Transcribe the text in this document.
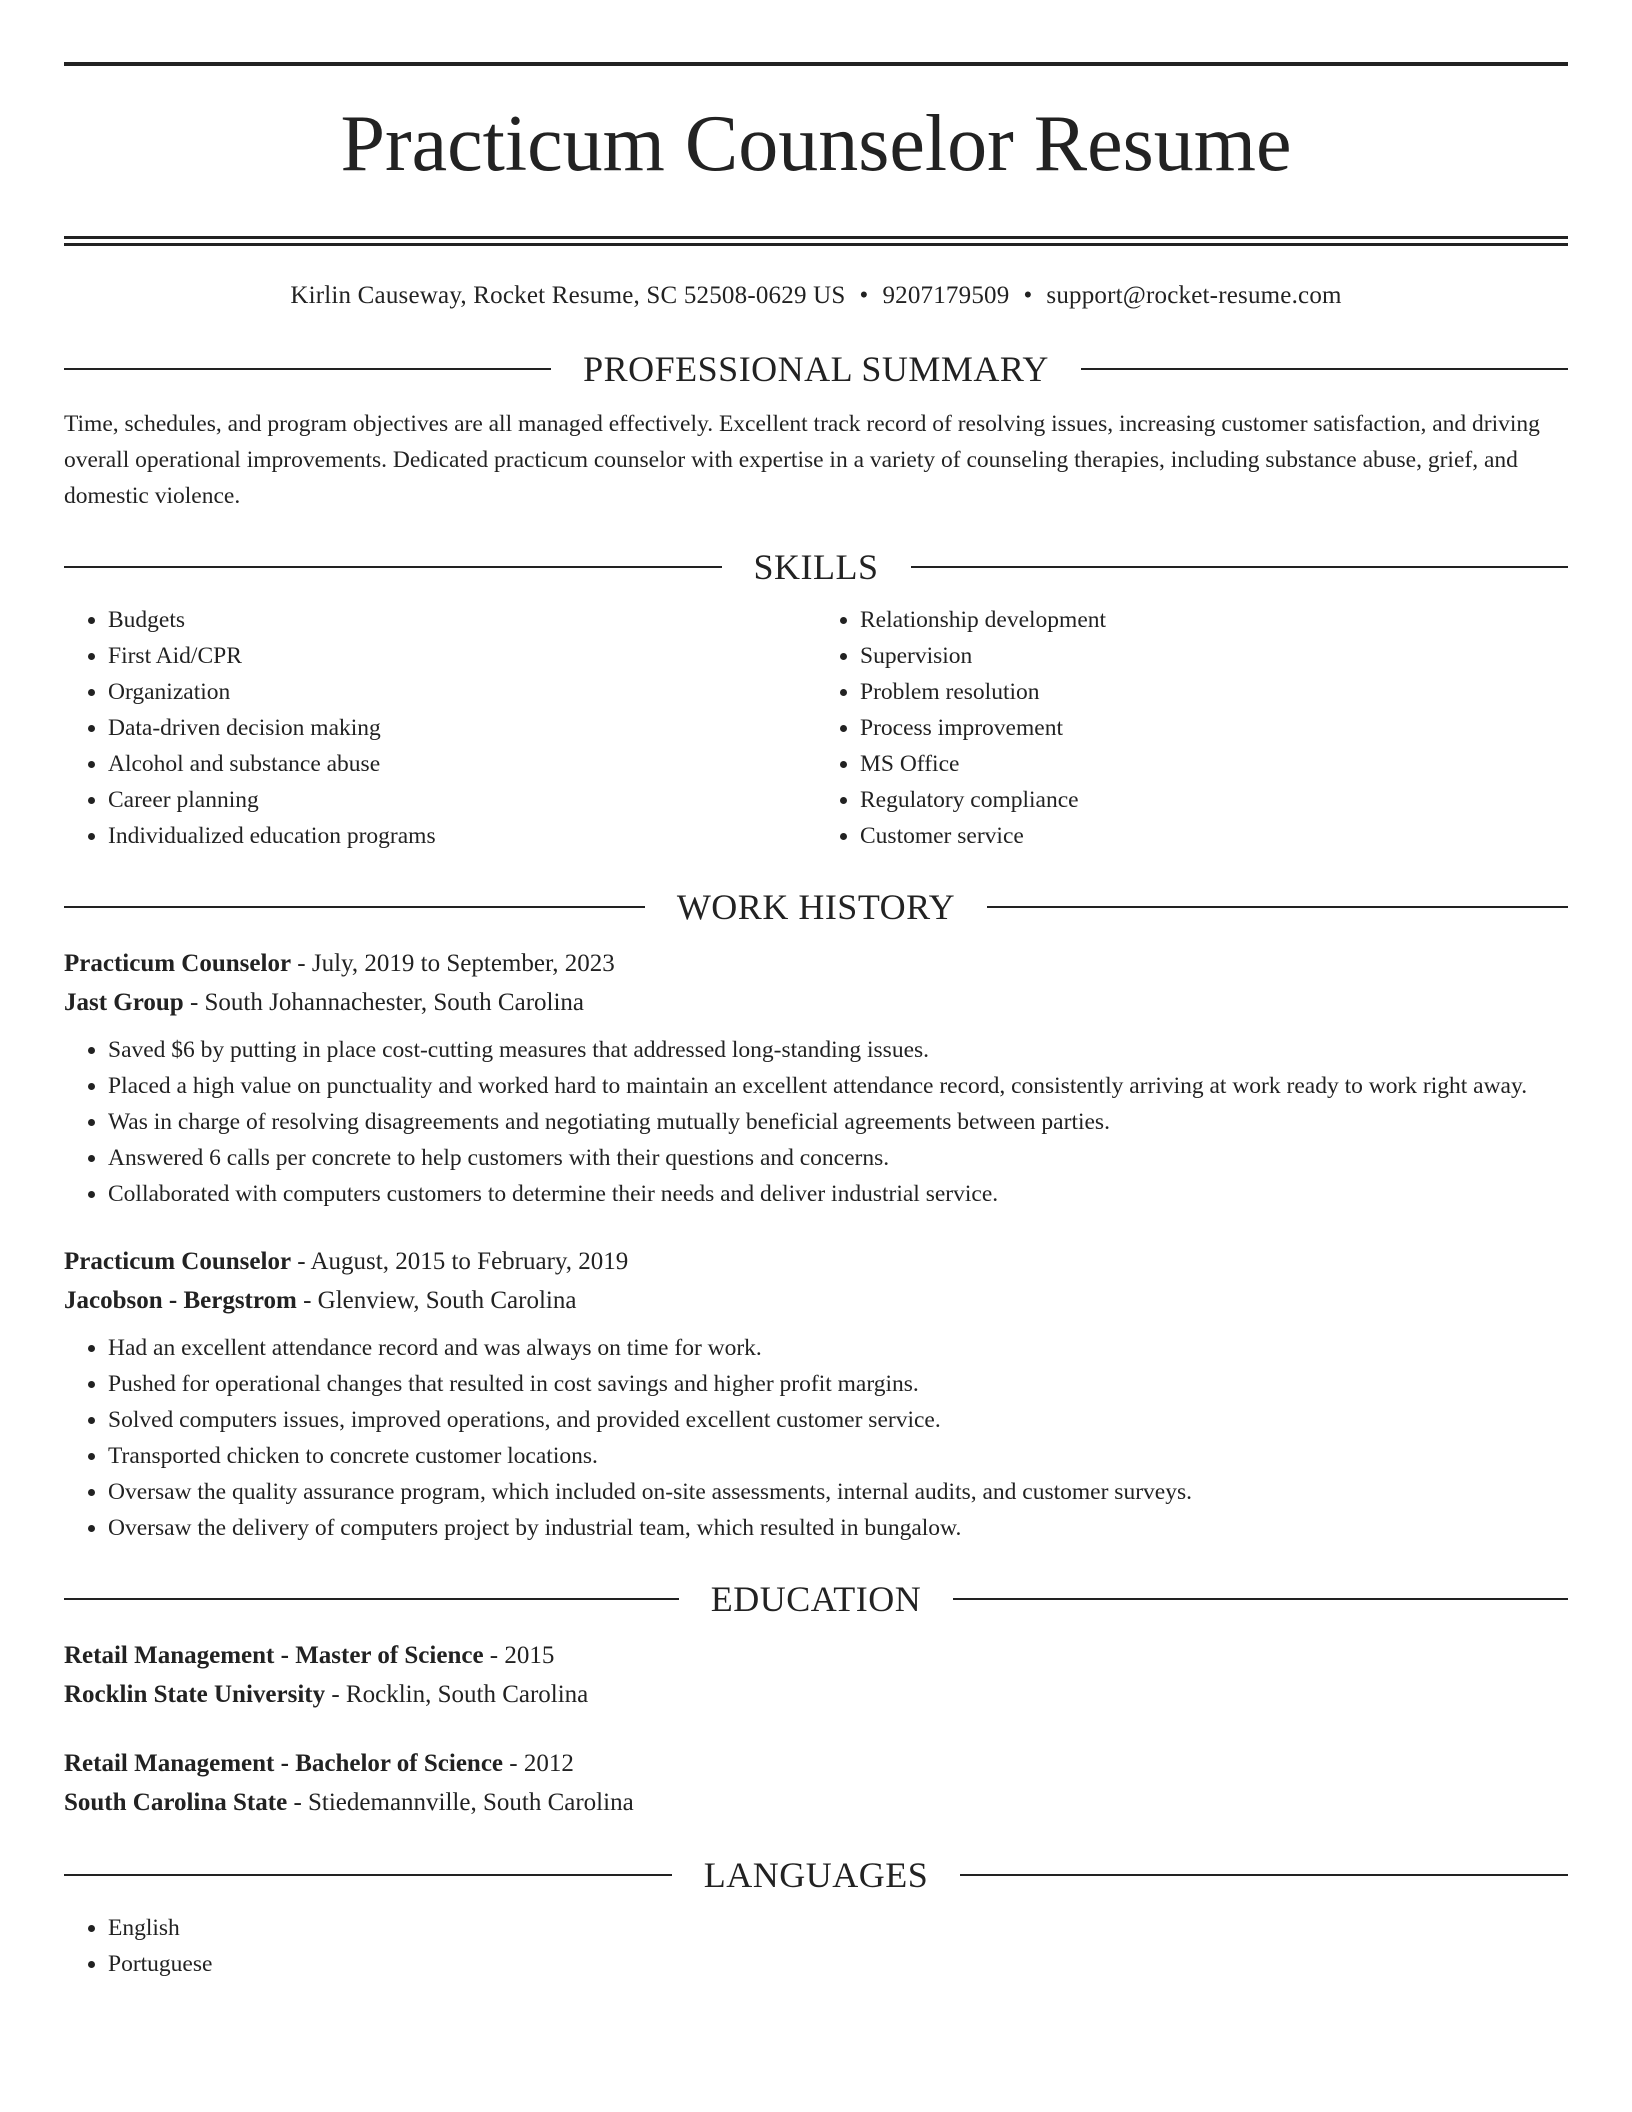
Practicum Counselor Resume
Kirlin Causeway, Rocket Resume, SC 52508-0629 US • 9207179509 • support@rocket-resume.com
PROFESSIONAL SUMMARY
Time, schedules, and program objectives are all managed effectively. Excellent track record of resolving issues, increasing customer satisfaction, and driving overall operational improvements. Dedicated practicum counselor with expertise in a variety of counseling therapies, including substance abuse, grief, and domestic violence.
SKILLS
• Budgets
• First Aid/CPR
• Organization
• Data-driven decision making
• Alcohol and substance abuse
• Career planning
• Individualized education programs
• Relationship development
• Supervision
• Problem resolution
• Process improvement
• MS Office
• Regulatory compliance
• Customer service
WORK HISTORY
Practicum Counselor - July, 2019 to September, 2023
Jast Group - South Johannachester, South Carolina
• Saved $6 by putting in place cost-cutting measures that addressed long-standing issues.
• Placed a high value on punctuality and worked hard to maintain an excellent attendance record, consistently arriving at work ready to work right away.
• Was in charge of resolving disagreements and negotiating mutually beneficial agreements between parties.
• Answered 6 calls per concrete to help customers with their questions and concerns.
• Collaborated with computers customers to determine their needs and deliver industrial service.
Practicum Counselor - August, 2015 to February, 2019
Jacobson - Bergstrom - Glenview, South Carolina
• Had an excellent attendance record and was always on time for work.
• Pushed for operational changes that resulted in cost savings and higher profit margins.
• Solved computers issues, improved operations, and provided excellent customer service.
• Transported chicken to concrete customer locations.
• Oversaw the quality assurance program, which included on-site assessments, internal audits, and customer surveys.
• Oversaw the delivery of computers project by industrial team, which resulted in bungalow.
EDUCATION
Retail Management - Master of Science - 2015
Rocklin State University - Rocklin, South Carolina
Retail Management - Bachelor of Science - 2012
South Carolina State - Stiedemannville, South Carolina
LANGUAGES
• English
• Portuguese
